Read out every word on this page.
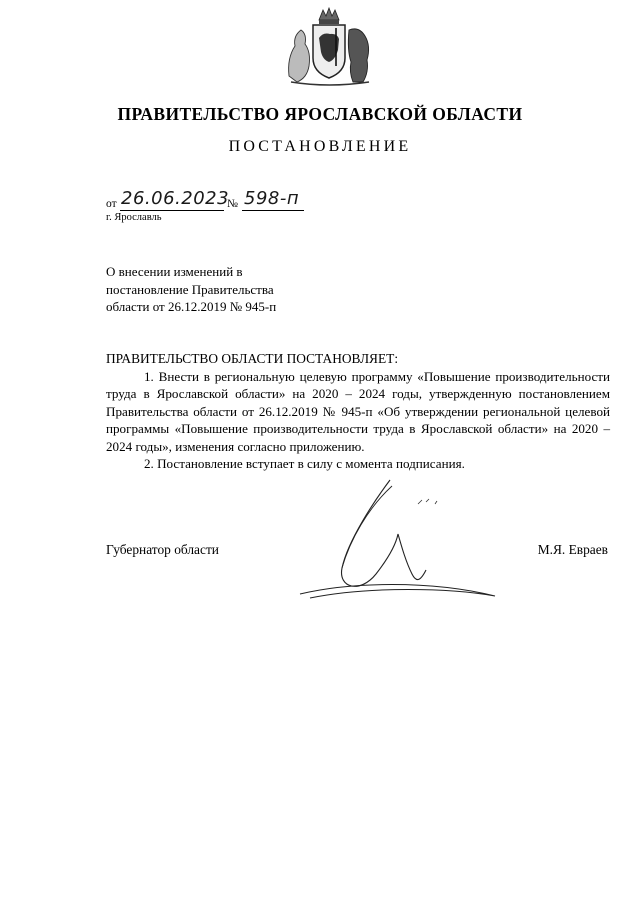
ПРАВИТЕЛЬСТВО ЯРОСЛАВСКОЙ ОБЛАСТИ
ПОСТАНОВЛЕНИЕ
от 26.06.2023
№ 598-п
г. Ярославль
О внесении изменений в
постановление Правительства
области от 26.12.2019 № 945-п
ПРАВИТЕЛЬСТВО ОБЛАСТИ ПОСТАНОВЛЯЕТ:

1. Внести в региональную целевую программу «Повышение производительности труда в Ярославской области» на 2020 – 2024 годы, утвержденную постановлением Правительства области от 26.12.2019 № 945-п «Об утверждении региональной целевой программы «Повышение производительности труда в Ярославской области» на 2020 – 2024 годы», изменения согласно приложению.

2. Постановление вступает в силу с момента подписания.

Губернатор области	М.Я. Евраев
